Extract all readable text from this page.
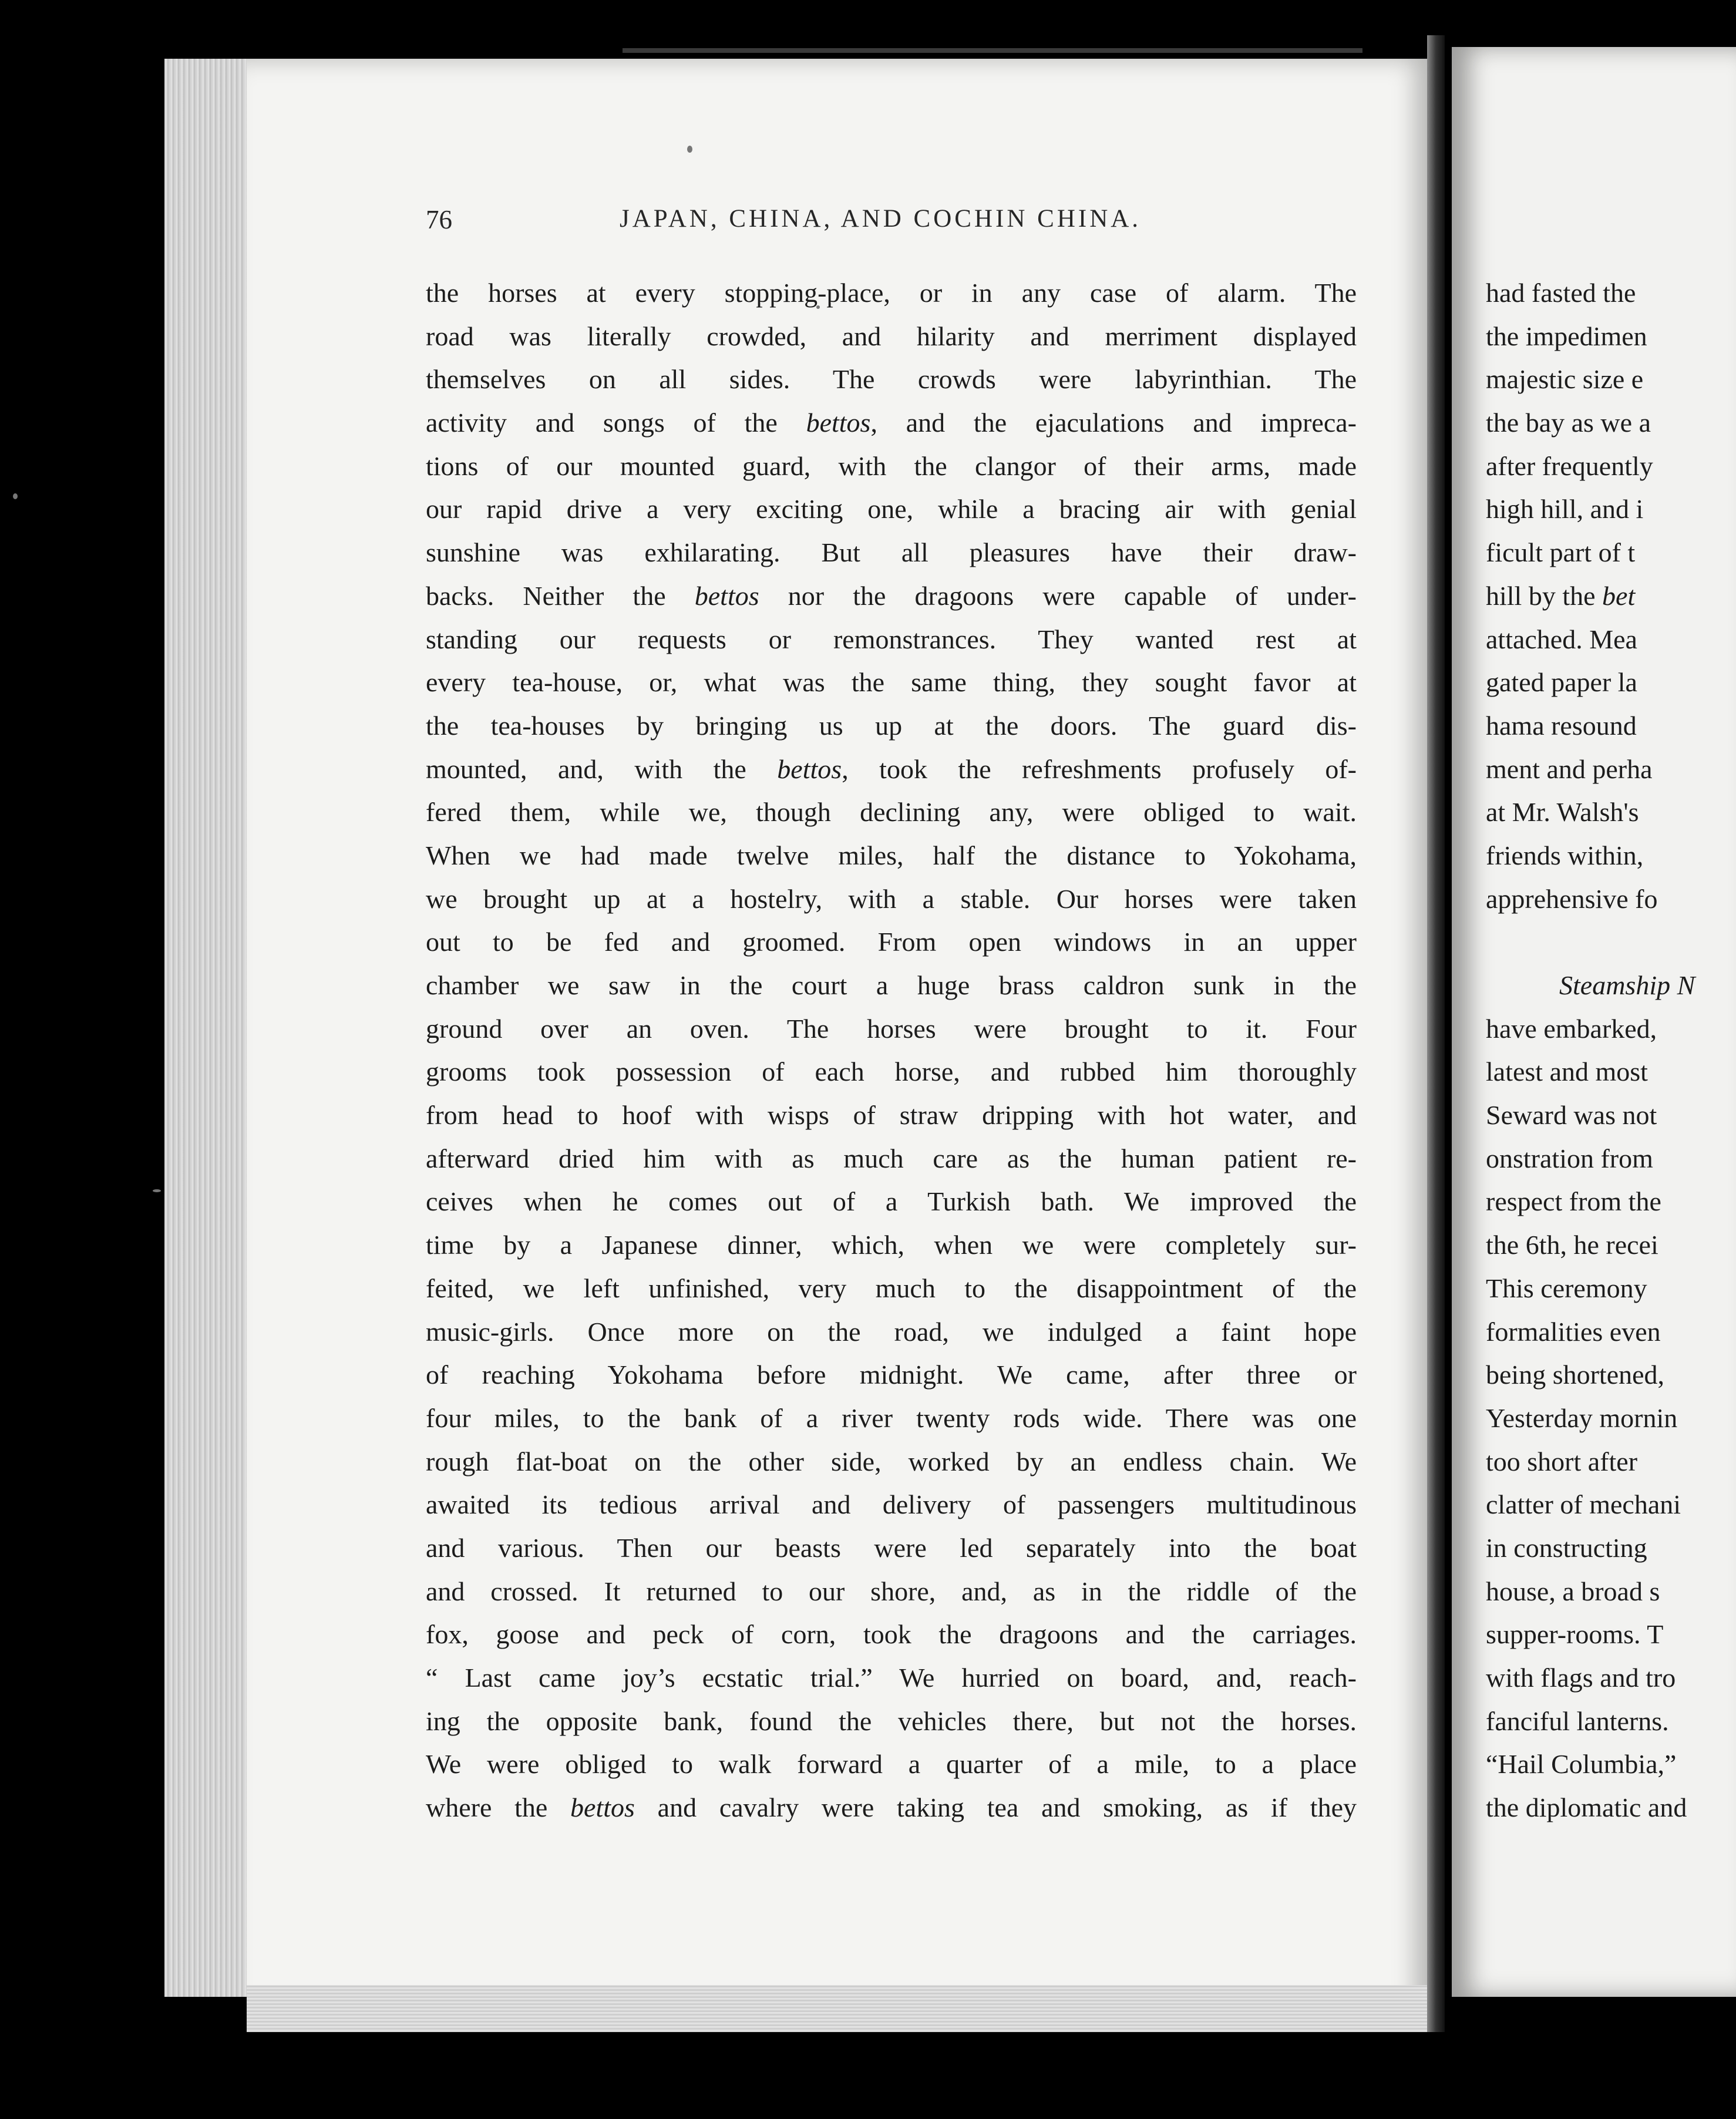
76	JAPAN, CHINA, AND COCHIN CHINA.
the horses at every stopping-place, or in any case of alarm. The
road was literally crowded, and hilarity and merriment displayed
themselves on all sides. The crowds were labyrinthian. The
activity and songs of the bettos, and the ejaculations and impreca-
tions of our mounted guard, with the clangor of their arms, made
our rapid drive a very exciting one, while a bracing air with genial
sunshine was exhilarating. But all pleasures have their draw-
backs. Neither the bettos nor the dragoons were capable of under-
standing our requests or remonstrances. They wanted rest at
every tea-house, or, what was the same thing, they sought favor at
the tea-houses by bringing us up at the doors. The guard dis-
mounted, and, with the bettos, took the refreshments profusely of-
fered them, while we, though declining any, were obliged to wait.
When we had made twelve miles, half the distance to Yokohama,
we brought up at a hostelry, with a stable. Our horses were taken
out to be fed and groomed. From open windows in an upper
chamber we saw in the court a huge brass caldron sunk in the
ground over an oven. The horses were brought to it. Four
grooms took possession of each horse, and rubbed him thoroughly
from head to hoof with wisps of straw dripping with hot water, and
afterward dried him with as much care as the human patient re-
ceives when he comes out of a Turkish bath. We improved the
time by a Japanese dinner, which, when we were completely sur-
feited, we left unfinished, very much to the disappointment of the
music-girls. Once more on the road, we indulged a faint hope
of reaching Yokohama before midnight. We came, after three or
four miles, to the bank of a river twenty rods wide. There was one
rough flat-boat on the other side, worked by an endless chain. We
awaited its tedious arrival and delivery of passengers multitudinous
and various. Then our beasts were led separately into the boat
and crossed. It returned to our shore, and, as in the riddle of the
fox, goose and peck of corn, took the dragoons and the carriages.
“ Last came joy’s ecstatic trial.” We hurried on board, and, reach-
ing the opposite bank, found the vehicles there, but not the horses.
We were obliged to walk forward a quarter of a mile, to a place
where the bettos and cavalry were taking tea and smoking, as if they
had fasted the
the impedimen
majestic size e
the bay as we a
after frequently
high hill, and i
ficult part of t
hill by the bet
attached. Mea
gated paper la
hama resound
ment and perha
at Mr. Walsh's
friends within,
apprehensive fo
Steamship N
have embarked,
latest and most
Seward was not
onstration from
respect from the
the 6th, he recei
This ceremony
formalities even
being shortened,
Yesterday mornin
too short after
clatter of mechani
in constructing
house, a broad s
supper-rooms. T
with flags and tro
fanciful lanterns.
“Hail Columbia,”
the diplomatic and
